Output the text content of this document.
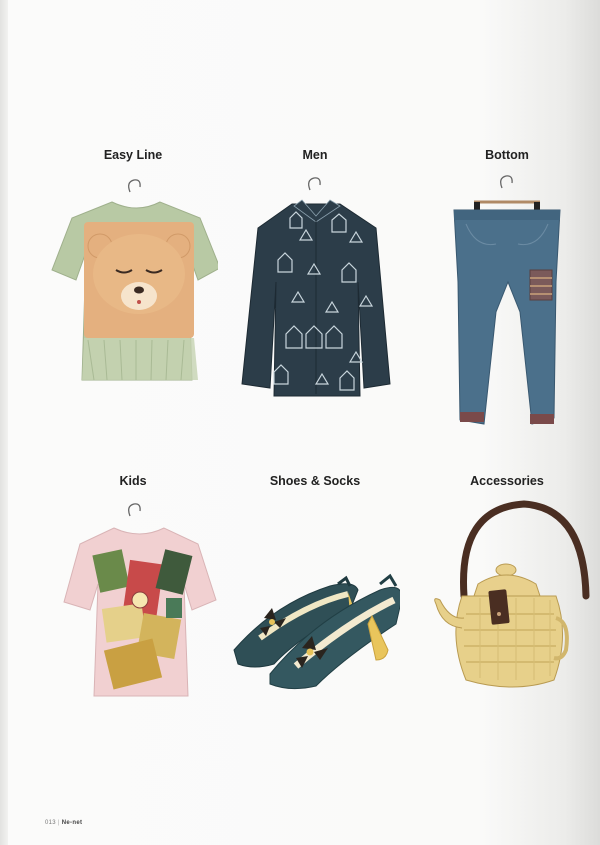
Easy Line	Men	Bottom
Kids	Shoes & Socks	Accessories
013 | Ne-net
